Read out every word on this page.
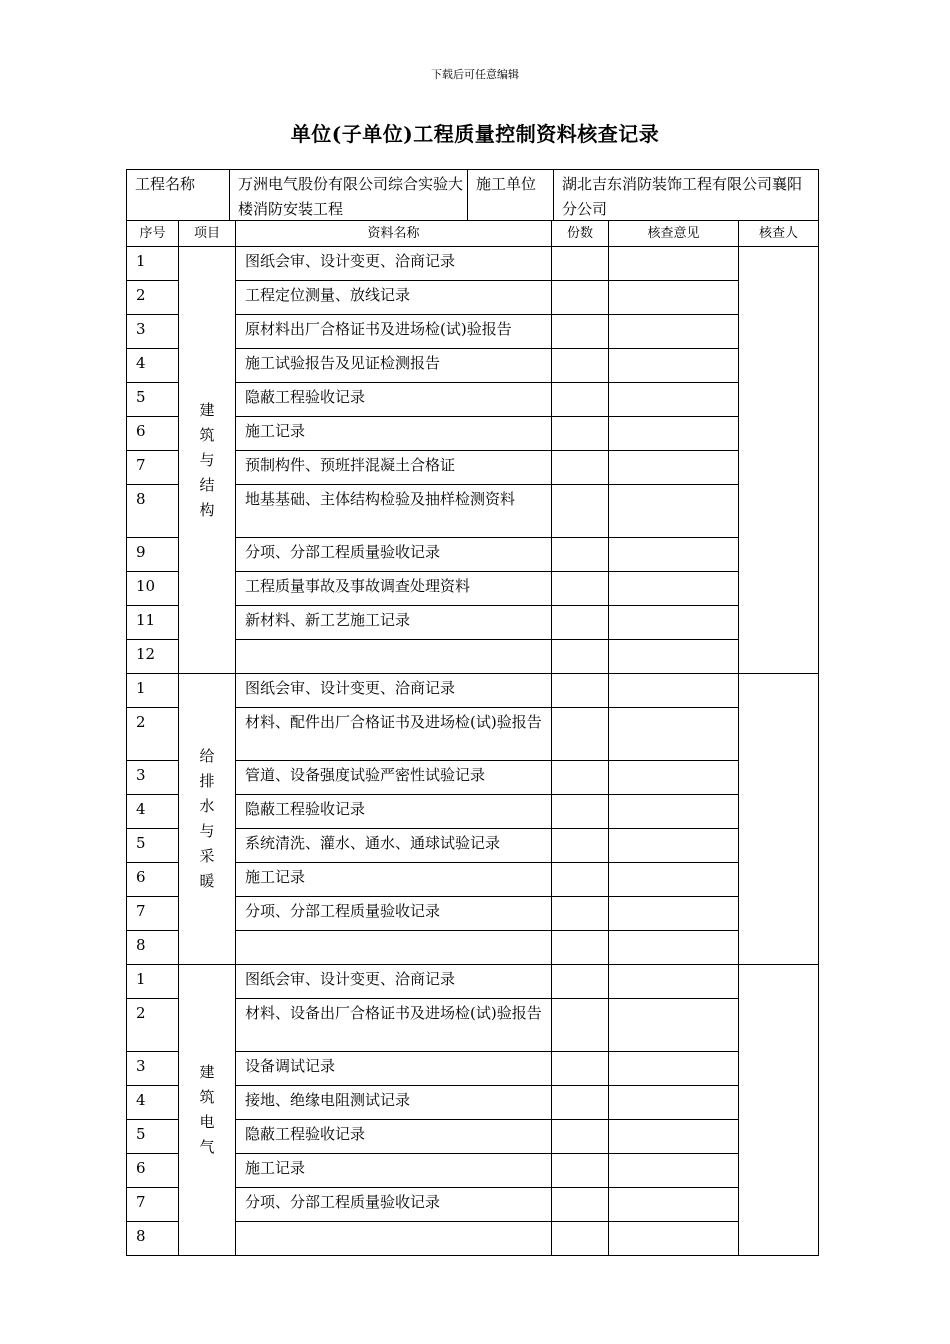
下载后可任意编辑
单位(子单位)工程质量控制资料核查记录
工程名称 万洲电气股份有限公司综合实验大楼消防安装工程
施工单位 湖北吉东消防装饰工程有限公司襄阳分公司					

序号	项目	资料名称	份数	核查意见	核查人
1	建筑与结构	图纸会审、设计变更、洽商记录			
2		工程定位测量、放线记录			
3		原材料出厂合格证书及进场检(试)验报告			
4		施工试验报告及见证检测报告			
5		隐蔽工程验收记录			
6		施工记录			
7		预制构件、预班拌混凝土合格证			
8		地基基础、主体结构检验及抽样检测资料			
9		分项、分部工程质量验收记录			
10		工程质量事故及事故调查处理资料			
11		新材料、新工艺施工记录			
12					
1	给排水与采暖	图纸会审、设计变更、洽商记录			
2		材料、配件出厂合格证书及进场检(试)验报告			
3		管道、设备强度试验严密性试验记录			
4		隐蔽工程验收记录			
5		系统清洗、灌水、通水、通球试验记录			
6		施工记录			
7		分项、分部工程质量验收记录			
8					
1	建筑电气	图纸会审、设计变更、洽商记录			
2		材料、设备出厂合格证书及进场检(试)验报告			
3		设备调试记录			
4		接地、绝缘电阻测试记录			
5		隐蔽工程验收记录			
6		施工记录			
7		分项、分部工程质量验收记录			
8					
